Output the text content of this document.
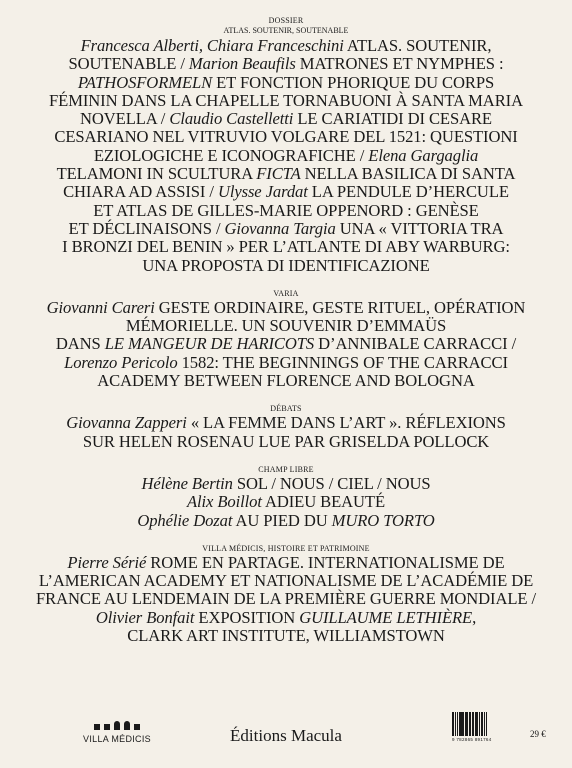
DOSSIER
ATLAS. SOUTENIR, SOUTENABLE
Francesca Alberti, Chiara Franceschini ATLAS. SOUTENIR,
SOUTENABLE / Marion Beaufils MATRONES ET NYMPHES :
PATHOSFORMELN ET FONCTION PHORIQUE DU CORPS
FÉMININ DANS LA CHAPELLE TORNABUONI À SANTA MARIA
NOVELLA / Claudio Castelletti LE CARIATIDI DI CESARE
CESARIANO NEL VITRUVIO VOLGARE DEL 1521: QUESTIONI
EZIOLOGICHE E ICONOGRAFICHE / Elena Gargaglia
TELAMONI IN SCULTURA FICTA NELLA BASILICA DI SANTA
CHIARA AD ASSISI / Ulysse Jardat LA PENDULE D’HERCULE
ET ATLAS DE GILLES-MARIE OPPENORD : GENÈSE
ET DÉCLINAISONS / Giovanna Targia UNA « VITTORIA TRA
I BRONZI DEL BENIN » PER L’ATLANTE DI ABY WARBURG:
UNA PROPOSTA DI IDENTIFICAZIONE
VARIA
Giovanni Careri GESTE ORDINAIRE, GESTE RITUEL, OPÉRATION
MÉMORIELLE. UN SOUVENIR D’EMMAÜS
DANS LE MANGEUR DE HARICOTS D’ANNIBALE CARRACCI /
Lorenzo Pericolo 1582: THE BEGINNINGS OF THE CARRACCI
ACADEMY BETWEEN FLORENCE AND BOLOGNA
DÉBATS
Giovanna Zapperi « LA FEMME DANS L’ART ». RÉFLEXIONS
SUR HELEN ROSENAU LUE PAR GRISELDA POLLOCK
CHAMP LIBRE
Hélène Bertin SOL / NOUS / CIEL / NOUS
Alix Boillot ADIEU BEAUTÉ
Ophélie Dozat AU PIED DU MURO TORTO
VILLA MÉDICIS, HISTOIRE ET PATRIMOINE
Pierre Sérié ROME EN PARTAGE. INTERNATIONALISME DE
L’AMERICAN ACADEMY ET NATIONALISME DE L’ACADÉMIE DE
FRANCE AU LENDEMAIN DE LA PREMIÈRE GUERRE MONDIALE /
Olivier Bonfait EXPOSITION GUILLAUME LETHIÈRE,
CLARK ART INSTITUTE, WILLIAMSTOWN
VILLA MÉDICIS	Éditions Macula	9 782865 891764
29 €
